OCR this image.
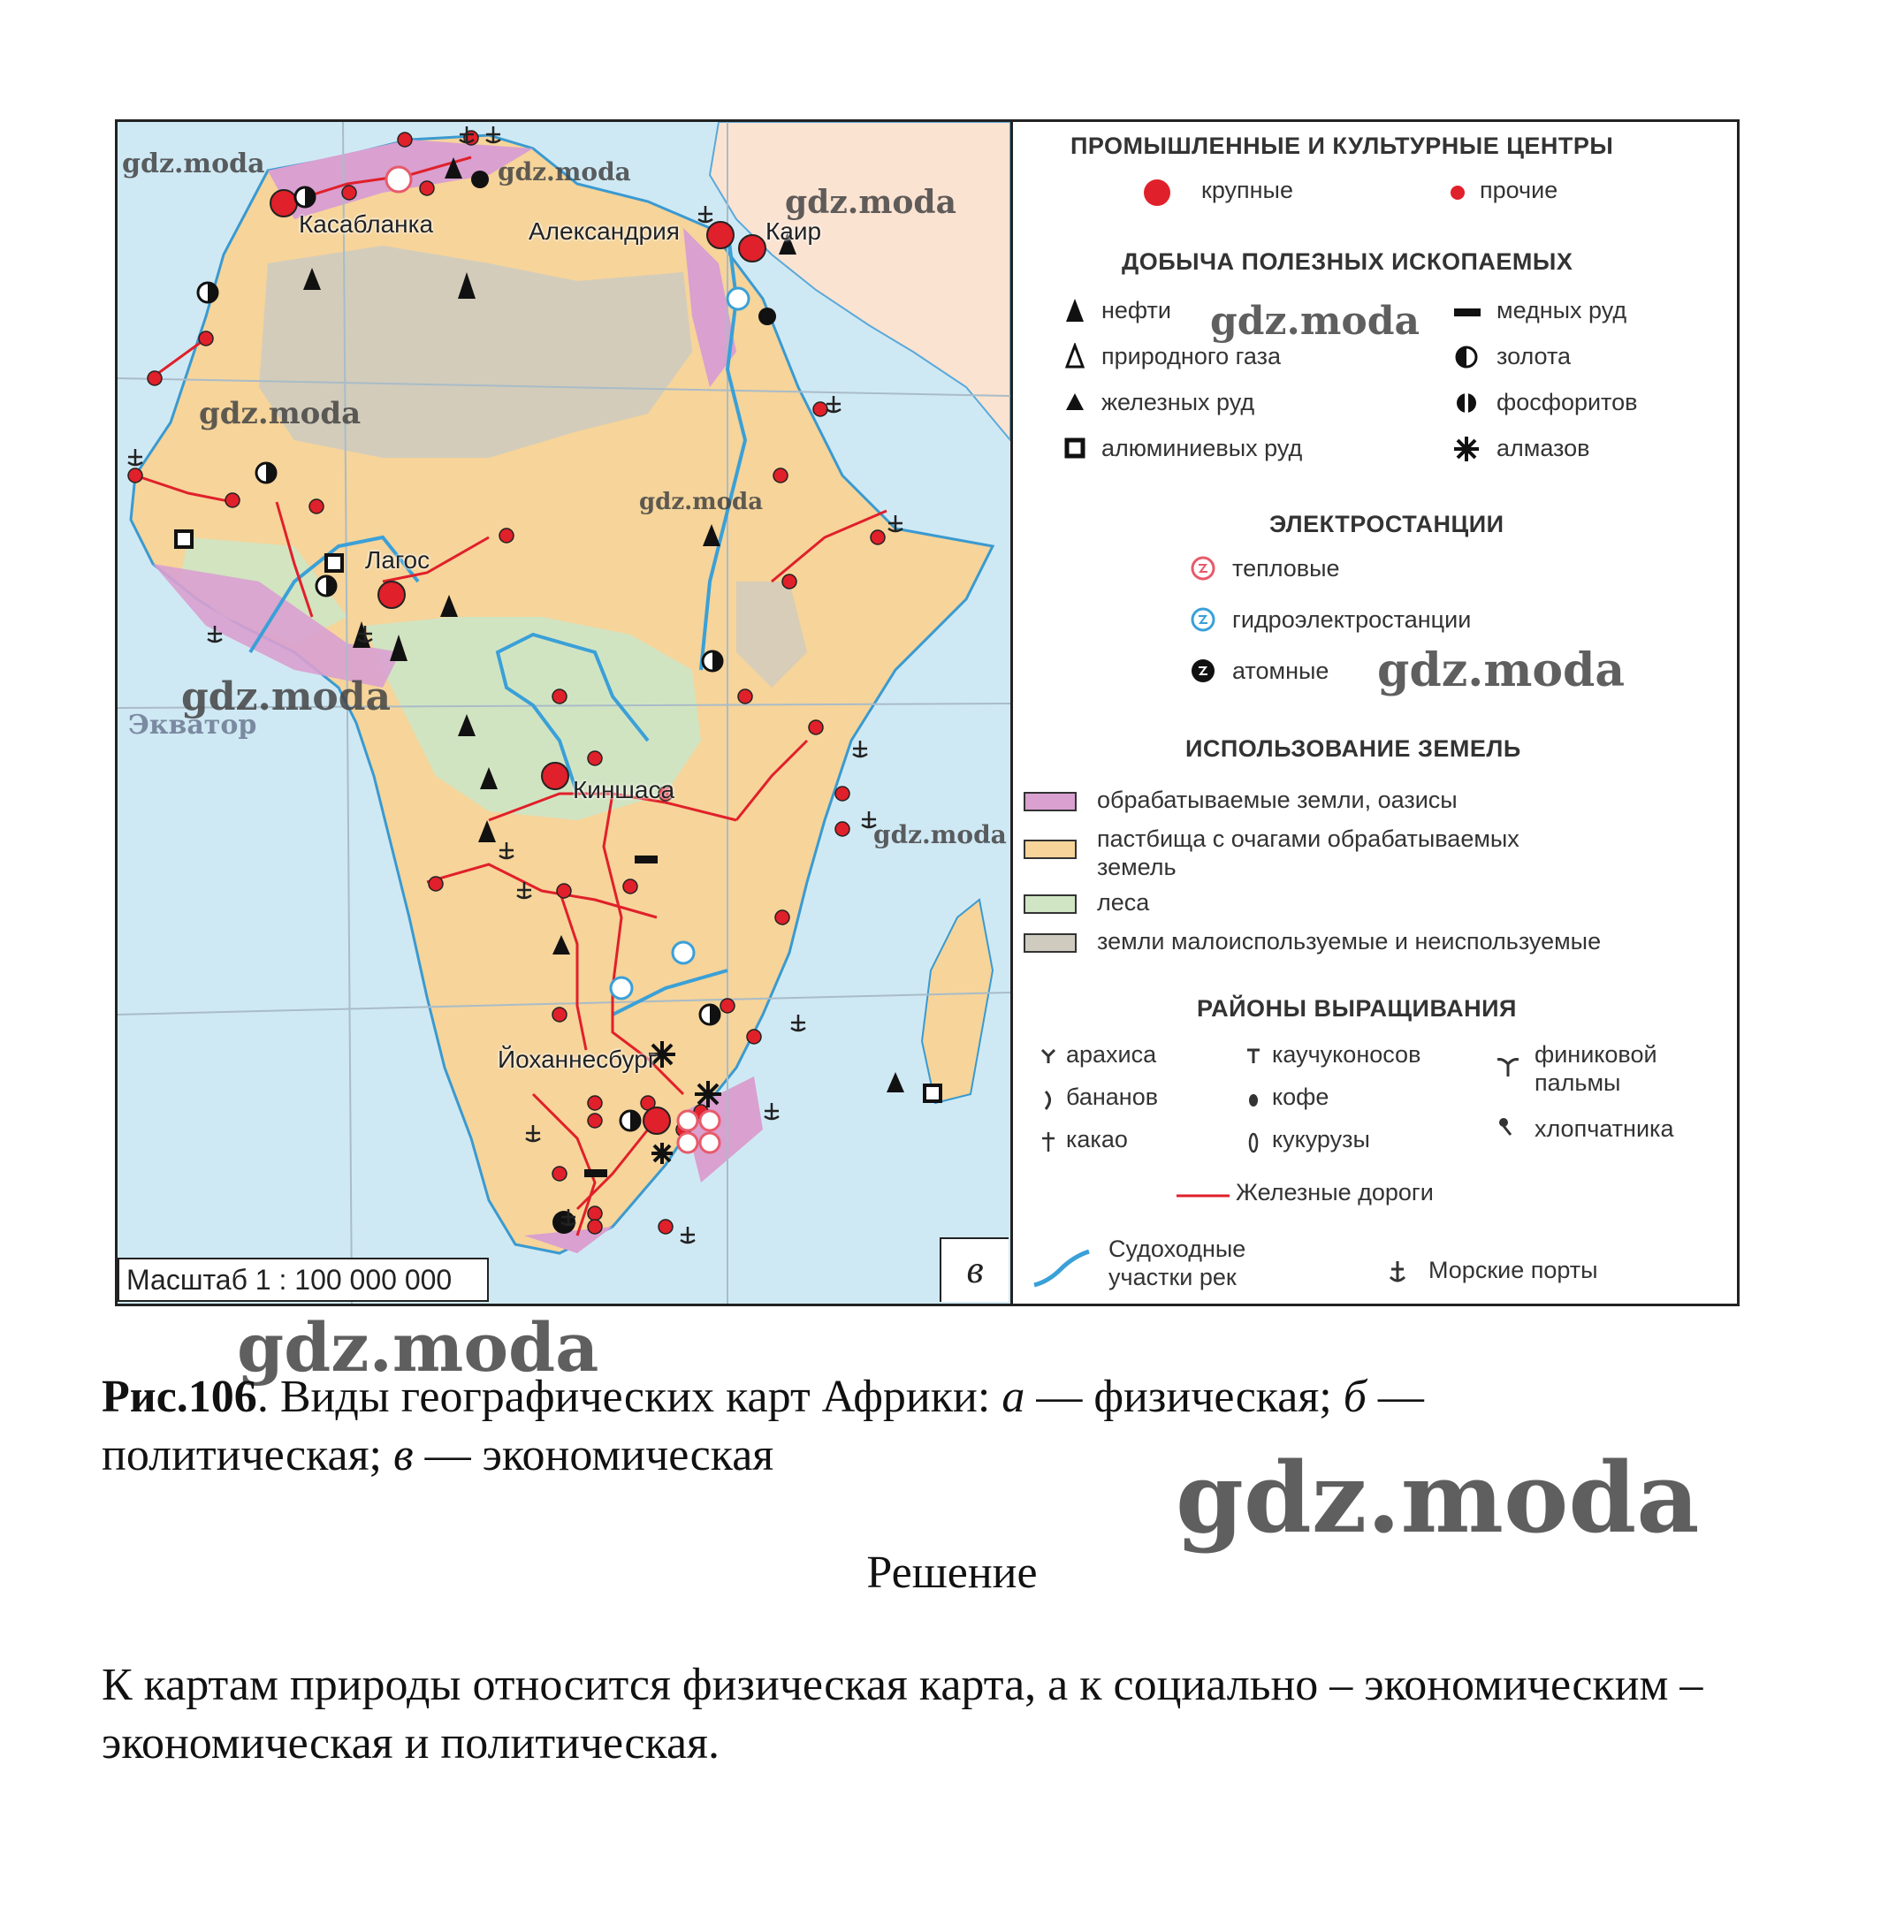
Касабланка	Александрия	Каир
Лагос
Киншаса
Йоханнесбург
Экватор
Масштаб 1 : 100 000 000	в
gdz.moda	gdz.moda
gdz.moda
gdz.moda
gdz.moda
gdz.moda
gdz.moda
ПРОМЫШЛЕННЫЕ И КУЛЬТУРНЫЕ ЦЕНТРЫ
крупные	прочие
ДОБЫЧА ПОЛЕЗНЫХ ИСКОПАЕМЫХ
нефти
природного газа
железных руд
алюминиевых руд
медных руд
золота
фосфоритов
алмазов
ЭЛЕКТРОСТАНЦИИ
тепловые
гидроэлектростанции
атомные
ИСПОЛЬЗОВАНИЕ ЗЕМЕЛЬ
обрабатываемые земли, оазисы
пастбища с очагами обрабатываемых
земель
леса
земли малоиспользуемые и неиспользуемые
РАЙОНЫ ВЫРАЩИВАНИЯ
арахиса
бананов
какао
каучуконосов
кофе
кукурузы
финиковой
пальмы
хлопчатника
Железные дороги
Судоходные
участки рек	Морские порты
gdz.moda
gdz.moda
gdz.moda
gdz.moda
Рис.106. Виды географических карт Африки: а — физическая; б — политическая; в — экономическая
Решение
К картам природы относится физическая карта, а к социально – экономическим – экономическая и политическая.
